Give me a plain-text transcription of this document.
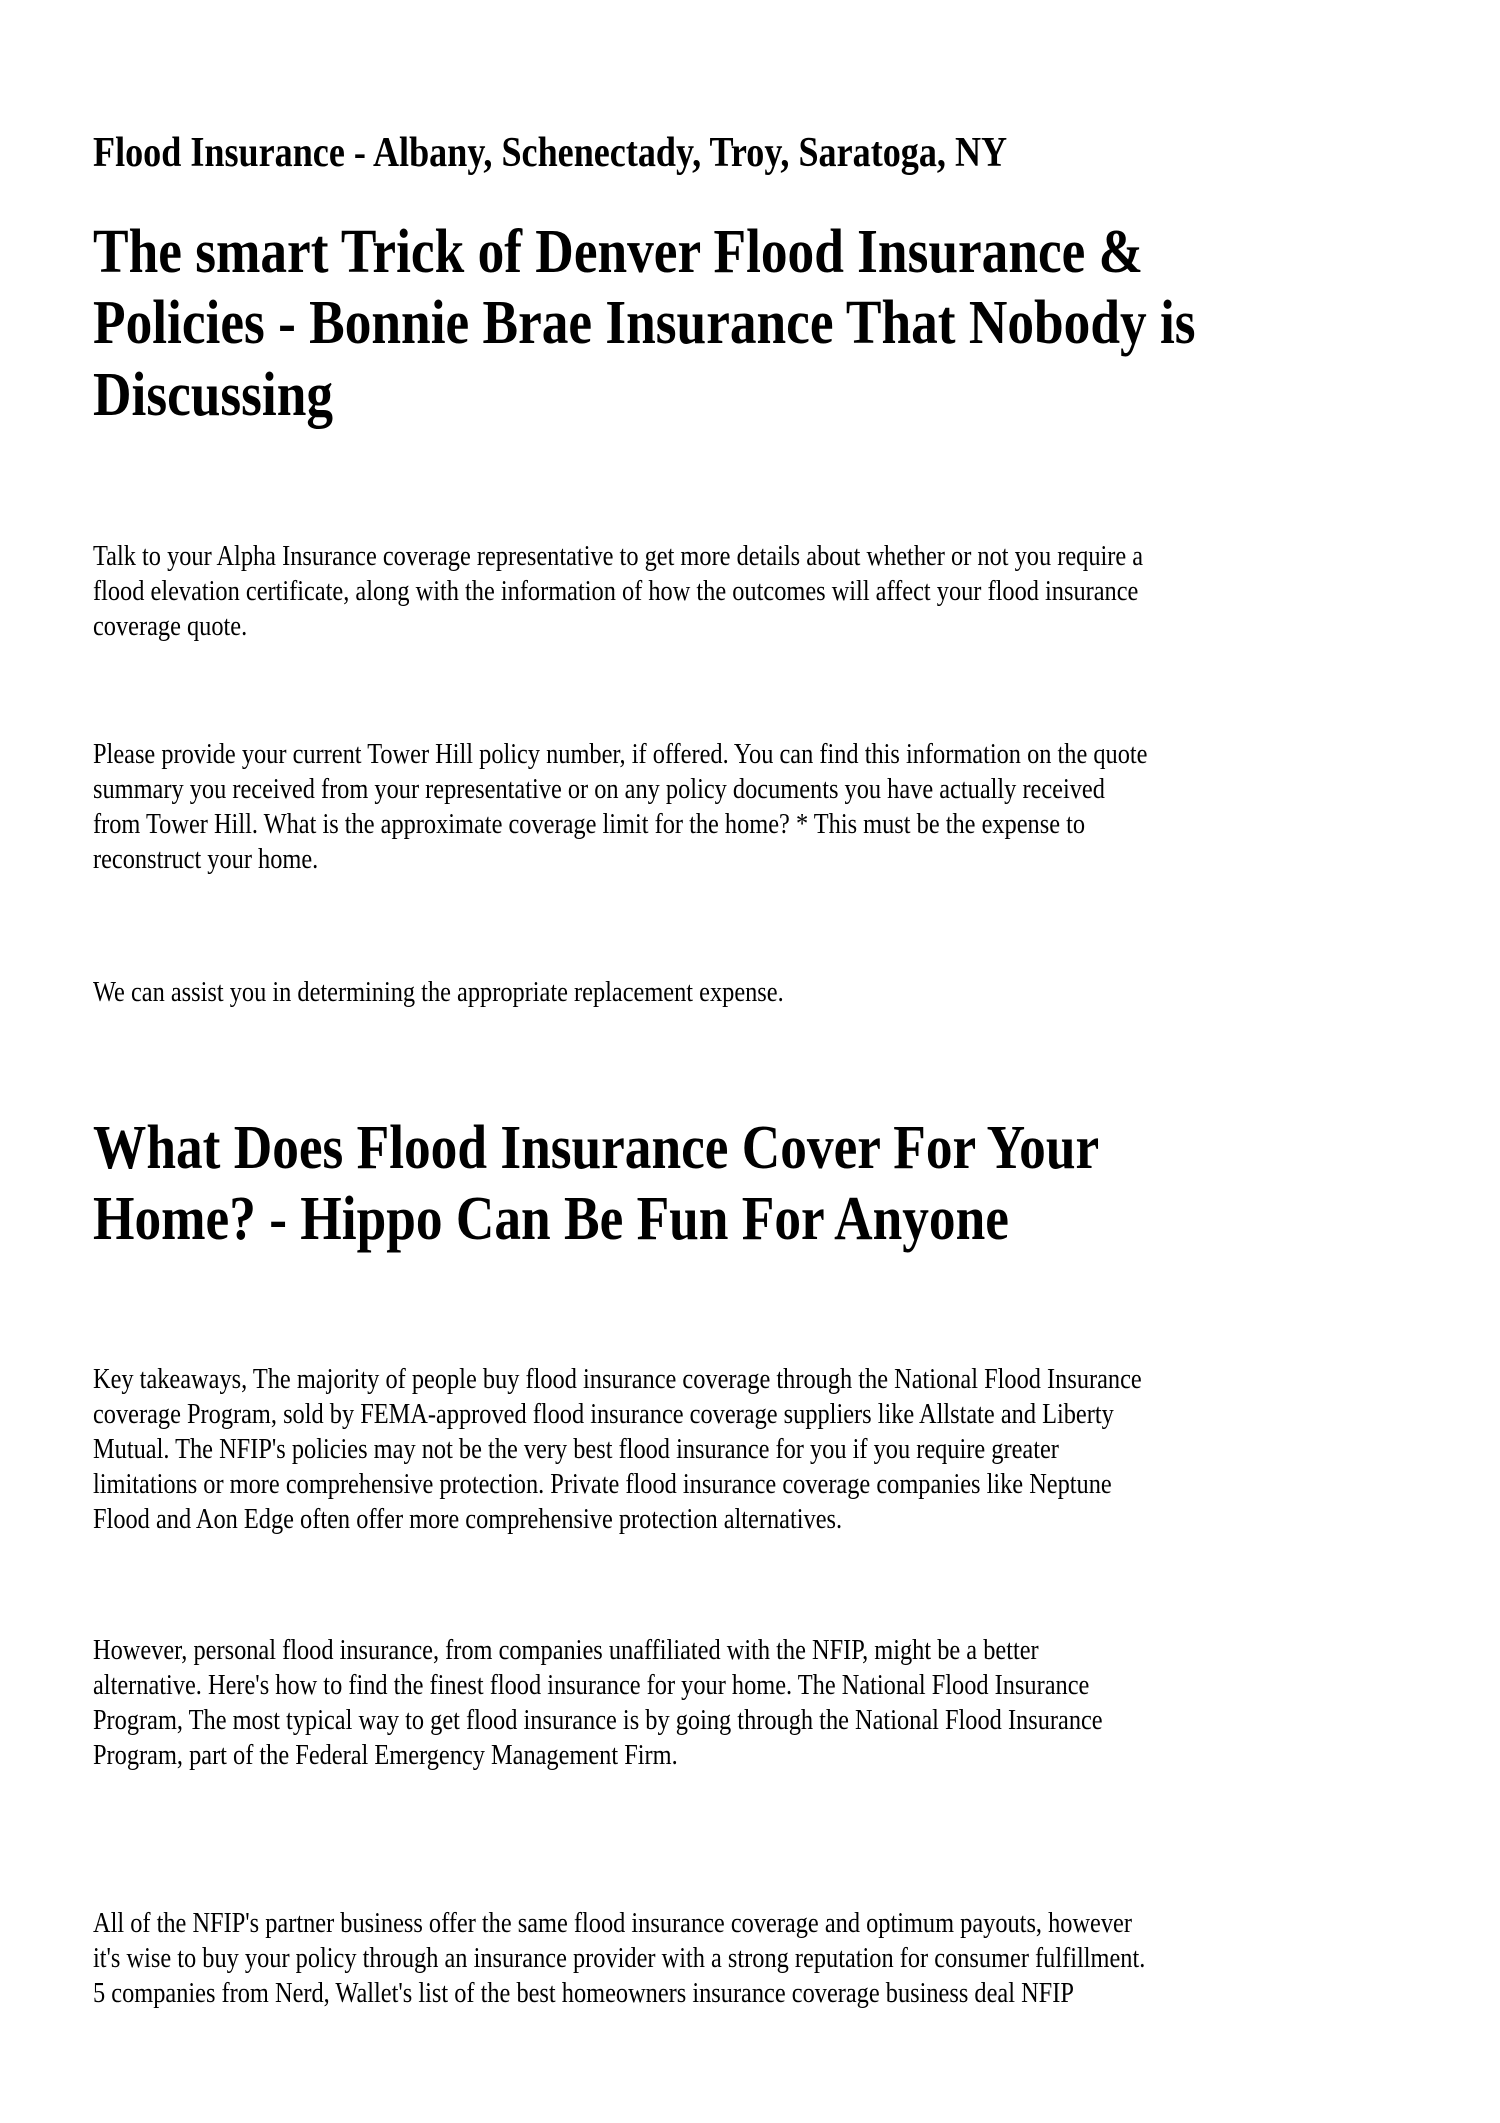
Flood Insurance - Albany, Schenectady, Troy, Saratoga, NY
The smart Trick of Denver Flood Insurance &
Policies - Bonnie Brae Insurance That Nobody is
Discussing
Talk to your Alpha Insurance coverage representative to get more details about whether or not you require a
flood elevation certificate, along with the information of how the outcomes will affect your flood insurance
coverage quote.
Please provide your current Tower Hill policy number, if offered. You can find this information on the quote
summary you received from your representative or on any policy documents you have actually received
from Tower Hill. What is the approximate coverage limit for the home? * This must be the expense to
reconstruct your home.
We can assist you in determining the appropriate replacement expense.
What Does Flood Insurance Cover For Your
Home? - Hippo Can Be Fun For Anyone
Key takeaways, The majority of people buy flood insurance coverage through the National Flood Insurance
coverage Program, sold by FEMA-approved flood insurance coverage suppliers like Allstate and Liberty
Mutual. The NFIP's policies may not be the very best flood insurance for you if you require greater
limitations or more comprehensive protection. Private flood insurance coverage companies like Neptune
Flood and Aon Edge often offer more comprehensive protection alternatives.
However, personal flood insurance, from companies unaffiliated with the NFIP, might be a better
alternative. Here's how to find the finest flood insurance for your home. The National Flood Insurance
Program, The most typical way to get flood insurance is by going through the National Flood Insurance
Program, part of the Federal Emergency Management Firm.
All of the NFIP's partner business offer the same flood insurance coverage and optimum payouts, however
it's wise to buy your policy through an insurance provider with a strong reputation for consumer fulfillment.
5 companies from Nerd, Wallet's list of the best homeowners insurance coverage business deal NFIP
